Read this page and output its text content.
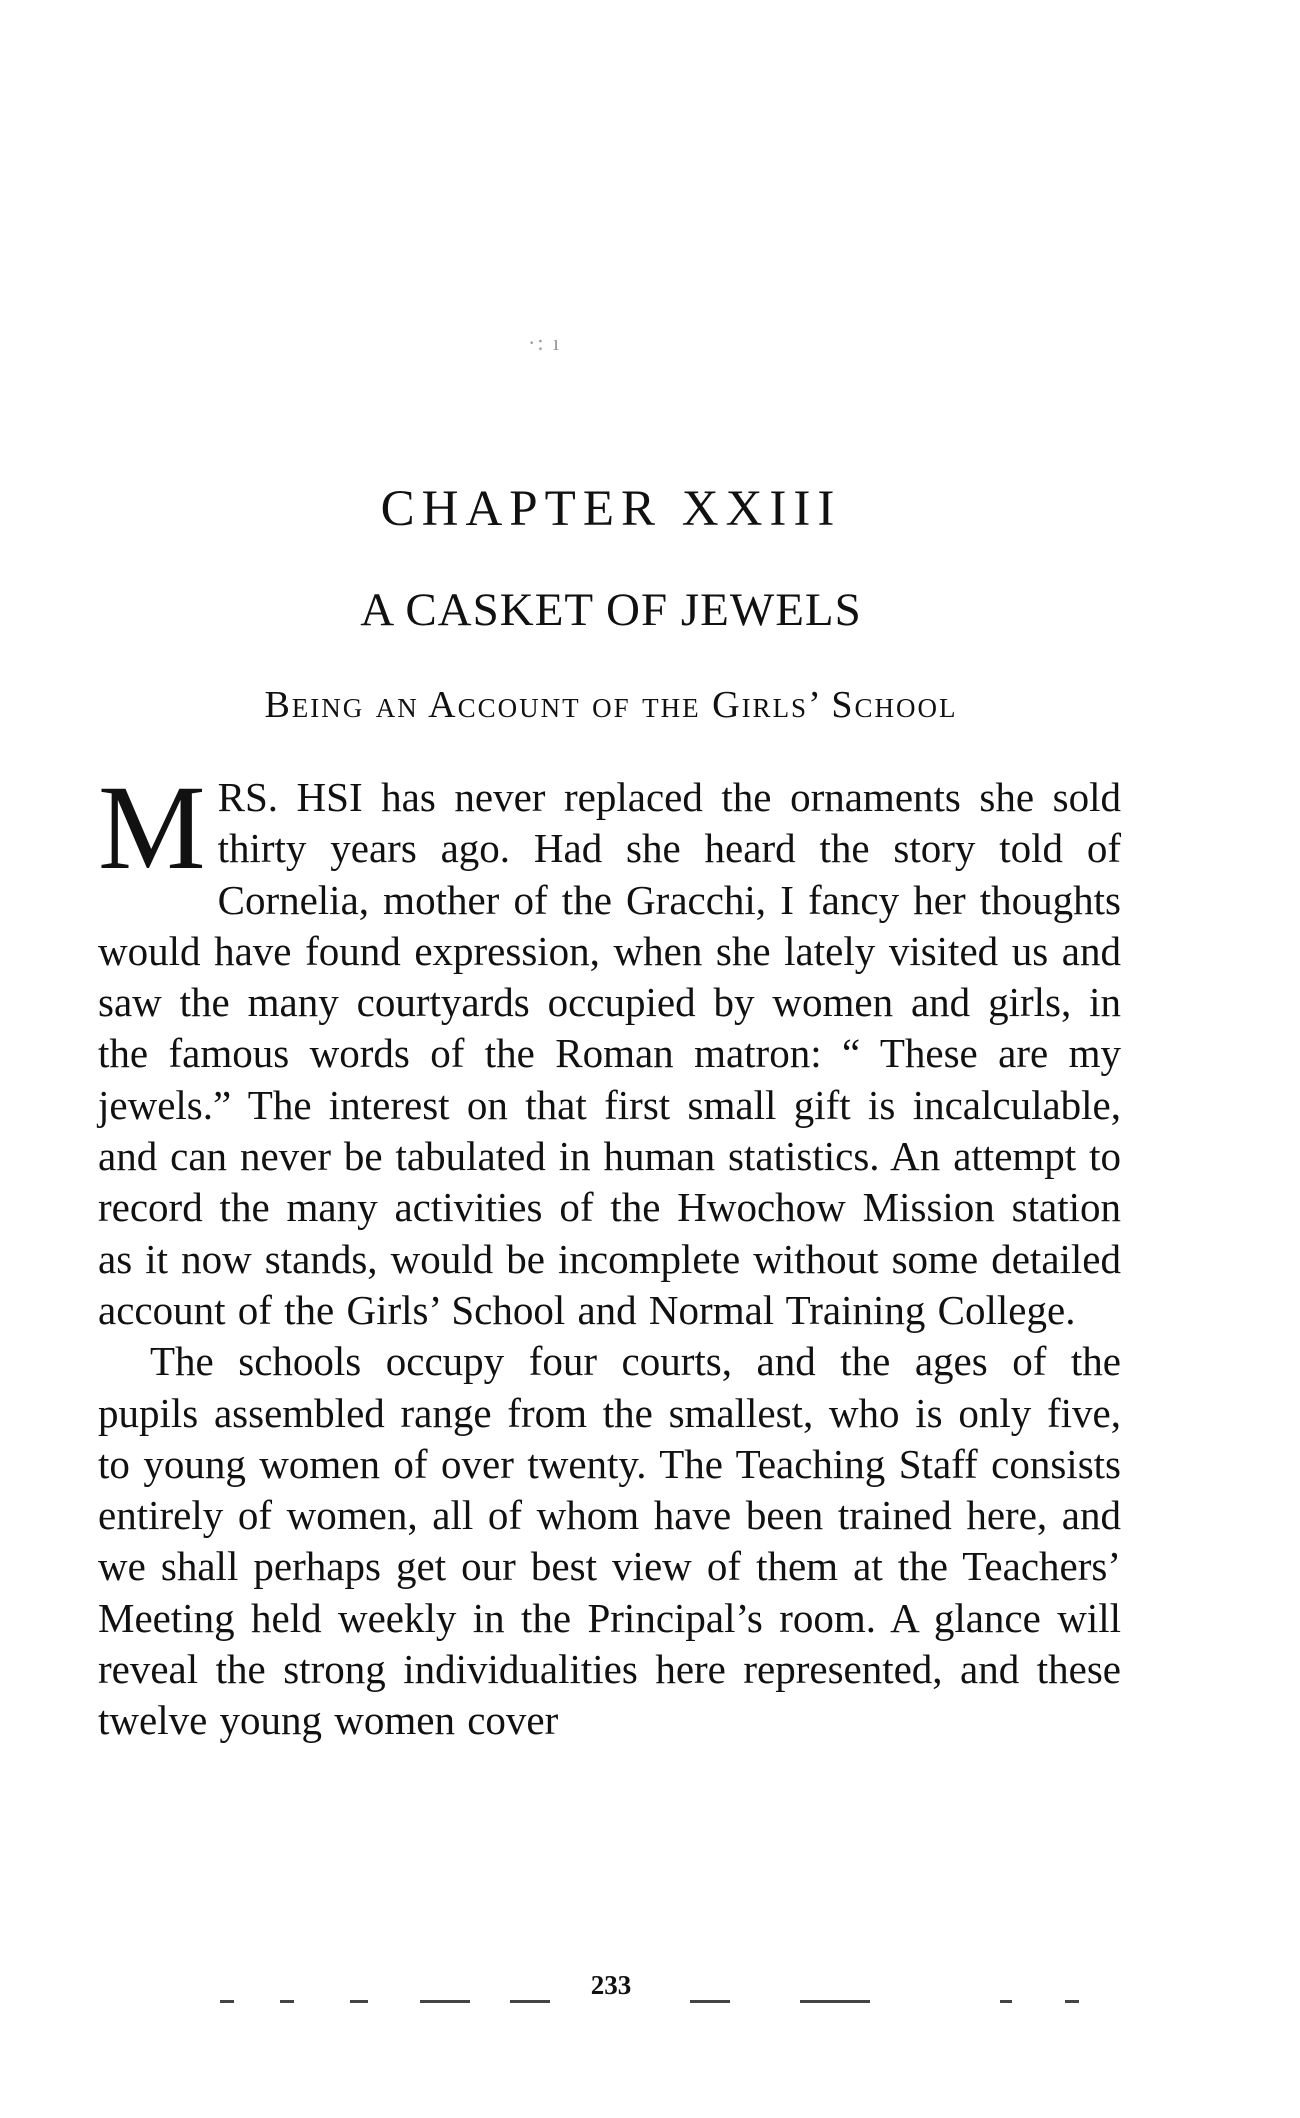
·: ı
CHAPTER XXIII
A CASKET OF JEWELS
Being an Account of the Girls’ School

MRS. HSI has never replaced the ornaments she sold thirty years ago. Had she heard the story told of Cornelia, mother of the Gracchi, I fancy her thoughts would have found expression, when she lately visited us and saw the many courtyards occupied by women and girls, in the famous words of the Roman matron: “ These are my jewels.” The interest on that first small gift is incalculable, and can never be tabulated in human statistics. An attempt to record the many activities of the Hwochow Mission station as it now stands, would be incomplete without some detailed account of the Girls’ School and Normal Training College.

The schools occupy four courts, and the ages of the pupils assembled range from the smallest, who is only five, to young women of over twenty. The Teaching Staff consists entirely of women, all of whom have been trained here, and we shall perhaps get our best view of them at the Teachers’ Meeting held weekly in the Principal’s room. A glance will reveal the strong individualities here represented, and these twelve young women cover

233
